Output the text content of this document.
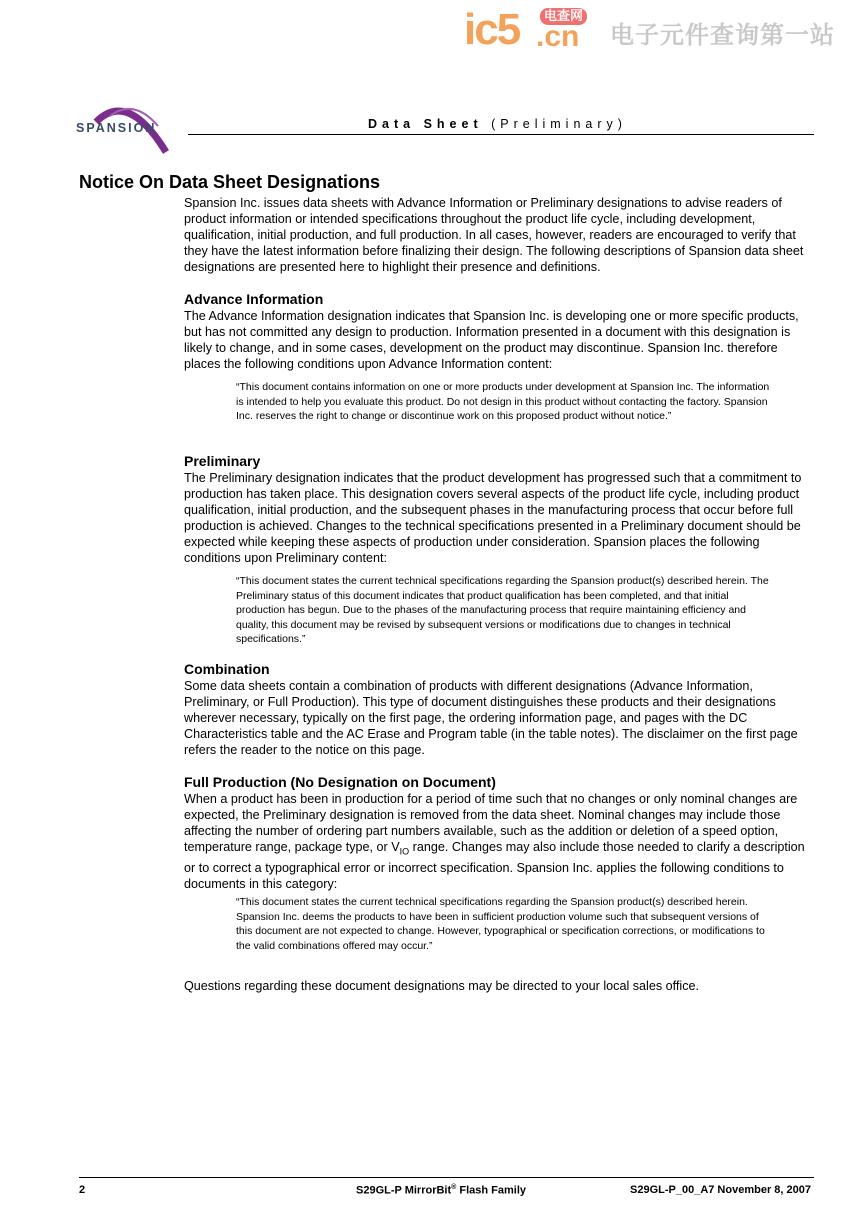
ic5	电查网
.cn 电子元件查询第一站
SPANSION	Data Sheet (Preliminary)
Notice On Data Sheet Designations

Spansion Inc. issues data sheets with Advance Information or Preliminary designations to advise readers of product information or intended specifications throughout the product life cycle, including development, qualification, initial production, and full production. In all cases, however, readers are encouraged to verify that they have the latest information before finalizing their design. The following descriptions of Spansion data sheet designations are presented here to highlight their presence and definitions.

Advance Information

The Advance Information designation indicates that Spansion Inc. is developing one or more specific products, but has not committed any design to production. Information presented in a document with this designation is likely to change, and in some cases, development on the product may discontinue. Spansion Inc. therefore places the following conditions upon Advance Information content:

“This document contains information on one or more products under development at Spansion Inc. The information is intended to help you evaluate this product. Do not design in this product without contacting the factory. Spansion Inc. reserves the right to change or discontinue work on this proposed product without notice.”

Preliminary

The Preliminary designation indicates that the product development has progressed such that a commitment to production has taken place. This designation covers several aspects of the product life cycle, including product qualification, initial production, and the subsequent phases in the manufacturing process that occur before full production is achieved. Changes to the technical specifications presented in a Preliminary document should be expected while keeping these aspects of production under consideration. Spansion places the following conditions upon Preliminary content:

“This document states the current technical specifications regarding the Spansion product(s) described herein. The Preliminary status of this document indicates that product qualification has been completed, and that initial production has begun. Due to the phases of the manufacturing process that require maintaining efficiency and quality, this document may be revised by subsequent versions or modifications due to changes in technical specifications.”

Combination

Some data sheets contain a combination of products with different designations (Advance Information, Preliminary, or Full Production). This type of document distinguishes these products and their designations wherever necessary, typically on the first page, the ordering information page, and pages with the DC Characteristics table and the AC Erase and Program table (in the table notes). The disclaimer on the first page refers the reader to the notice on this page.

Full Production (No Designation on Document)

When a product has been in production for a period of time such that no changes or only nominal changes are expected, the Preliminary designation is removed from the data sheet. Nominal changes may include those affecting the number of ordering part numbers available, such as the addition or deletion of a speed option, temperature range, package type, or $V_{IO}$ range. Changes may also include those needed to clarify a description or to correct a typographical error or incorrect specification. Spansion Inc. applies the following conditions to documents in this category:

“This document states the current technical specifications regarding the Spansion product(s) described herein. Spansion Inc. deems the products to have been in sufficient production volume such that subsequent versions of this document are not expected to change. However, typographical or specification corrections, or modifications to the valid combinations offered may occur.”

Questions regarding these document designations may be directed to your local sales office.
2	S29GL-P MirrorBit® Flash Family	S29GL-P_00_A7 November 8, 2007
